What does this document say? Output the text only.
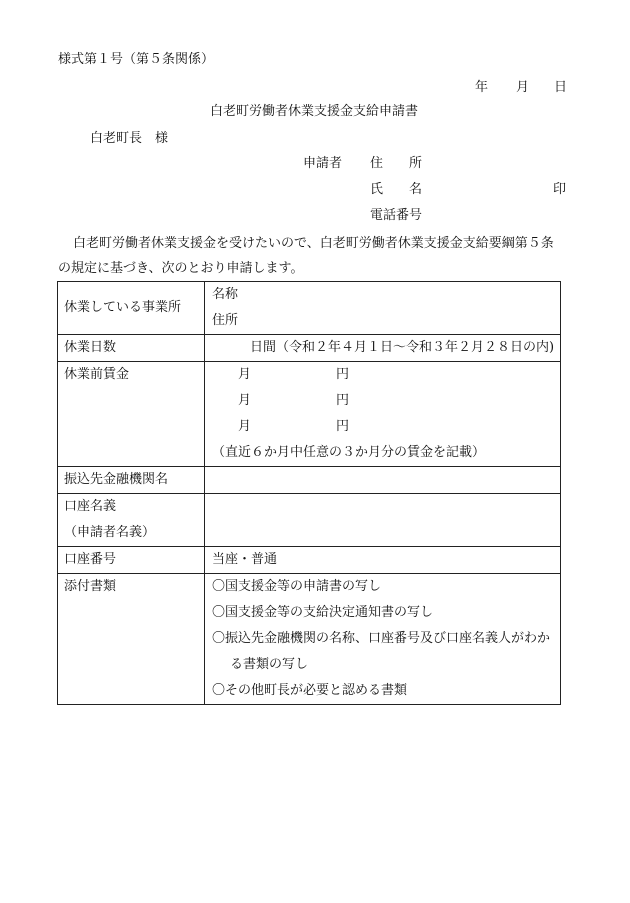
様式第１号（第５条関係）
年 月 日
白老町労働者休業支援金支給申請書
白老町長　様
申請者 住　　所
氏　　名	印
電話番号
白老町労働者休業支援金を受けたいので、白老町労働者休業支援金支給要綱第５条
の規定に基づき、次のとおり申請します。
休業している事業所	名称
住所

休業日数	日間（令和２年４月１日～令和３年２月２８日の内)

休業前賃金	月 円
月 円
月 円
（直近６か月中任意の３か月分の賃金を記載）

振込先金融機関名	

口座名義
（申請者名義）	

口座番号	当座・普通
添付書類	〇国支援金等の申請書の写し
〇国支援金等の支給決定通知書の写し
〇振込先金融機関の名称、口座番号及び口座名義人がわか
る書類の写し
〇その他町長が必要と認める書類
